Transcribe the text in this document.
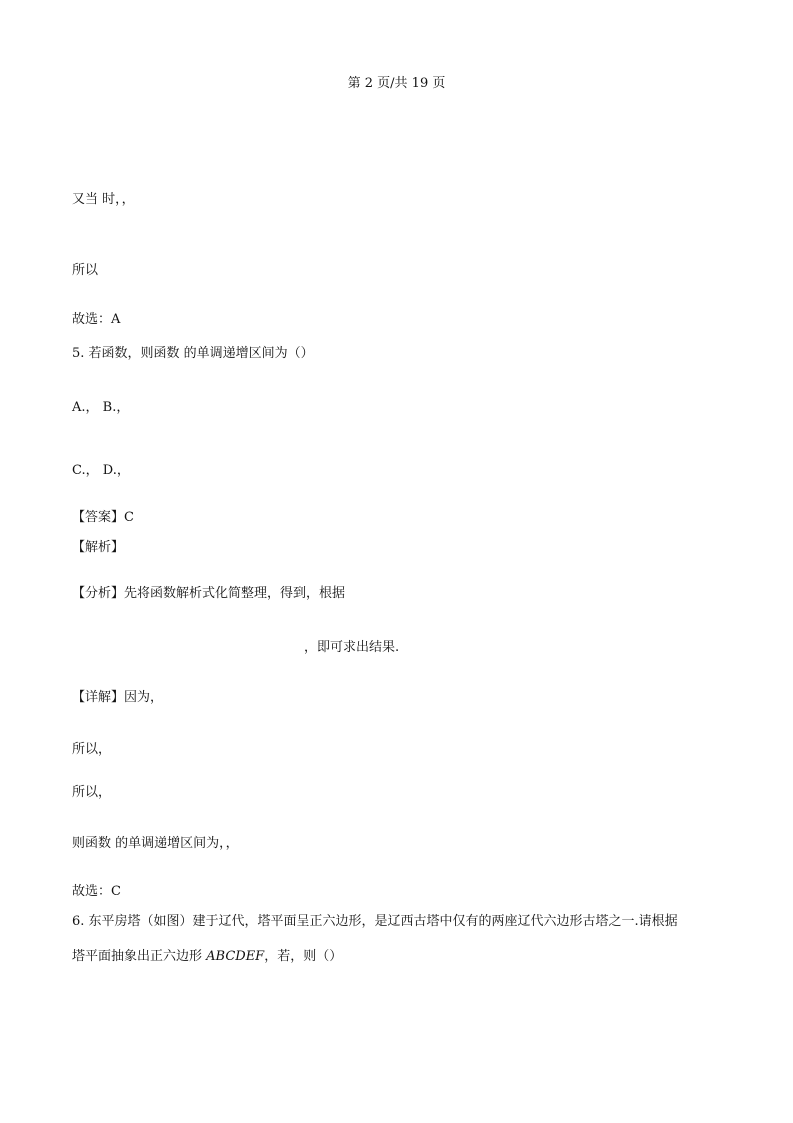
第 2 页/共 19 页
又当 时，，
所以
故选：A
5. 若函数，则函数 的单调递增区间为（）
A.， B.，
C.， D.，
【答案】C
【解析】
【分析】先将函数解析式化简整理，得到，根据
，即可求出结果.
【详解】因为，
所以，
所以，
则函数 的单调递增区间为，，
故选：C
6. 东平房塔（如图）建于辽代，塔平面呈正六边形，是辽西古塔中仅有的两座辽代六边形古塔之一.请根据
塔平面抽象出正六边形 ABCDEF，若，则（）
